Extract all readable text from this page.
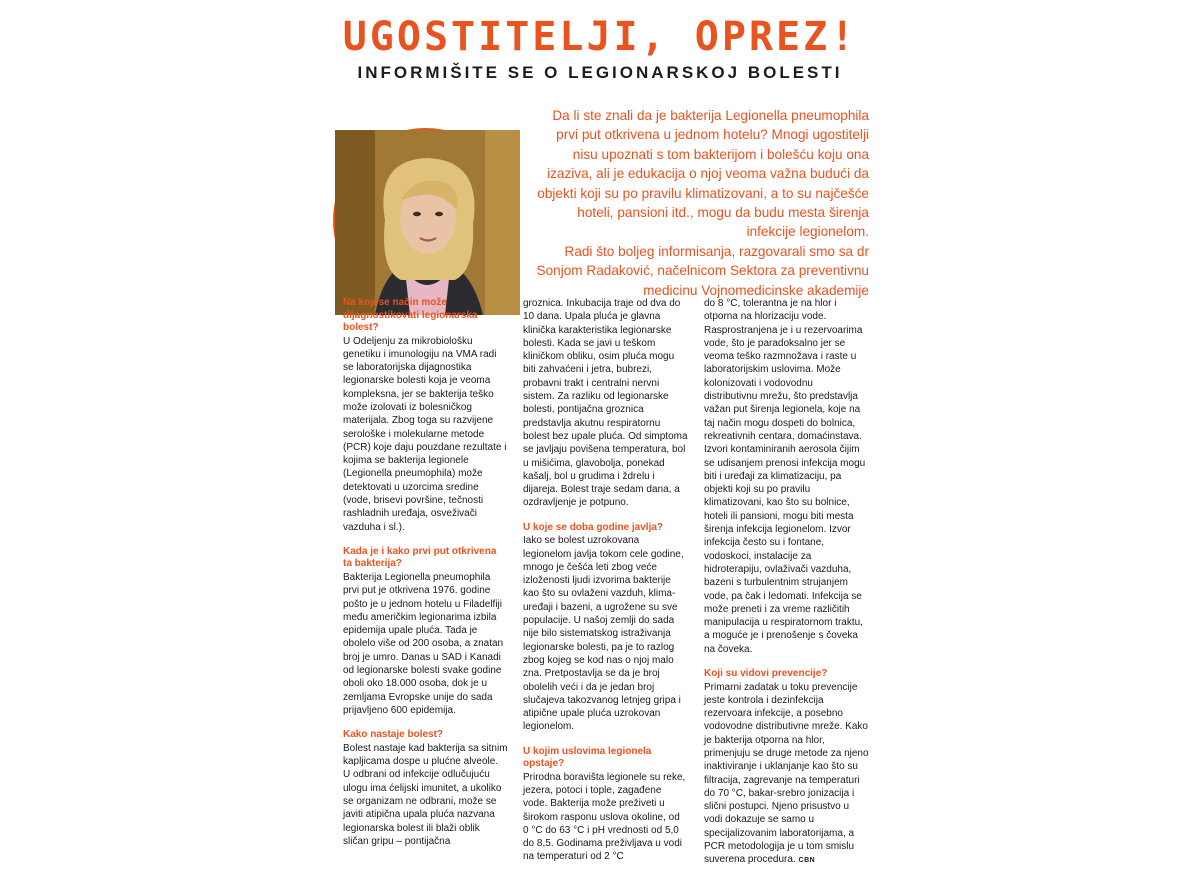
UGOSTITELJI, OPREZ!
INFORMIŠITE SE O LEGIONARSKOJ BOLESTI

Da li ste znali da je bakterija Legionella pneumophila prvi put otkrivena u jednom hotelu? Mnogi ugostitelji nisu upoznati s tom bakterijom i bolešću koju ona izaziva, ali je edukacija o njoj veoma važna budući da objekti koji su po pravilu klimatizovani, a to su najčešće hoteli, pansioni itd., mogu da budu mesta širenja infekcije legionelom.

Radi što boljeg informisanja, razgovarali smo sa dr Sonjom Radaković, načelnicom Sektora za preventivnu medicinu Vojnomedicinske akademije

Na koji se način može dijagnostikovati legionarska bolest?

U Odeljenju za mikrobiološku genetiku i imunologiju na VMA radi se laboratorijska dijagnostika legionarske bolesti koja je veoma kompleksna, jer se bakterija teško može izolovati iz bolesničkog materijala. Zbog toga su razvijene serološke i molekularne metode (PCR) koje daju pouzdane rezultate i kojima se bakterija legionele (Legionella pneumophila) može detektovati u uzorcima sredine (vode, brisevi površine, tečnosti rashladnih uređaja, osveživači vazduha i sl.).

Kada je i kako prvi put otkrivena ta bakterija?

Bakterija Legionella pneumophila prvi put je otkrivena 1976. godine pošto je u jednom hotelu u Filadelfiji među američkim legionarima izbila epidemija upale pluća. Tada je obolelo više od 200 osoba, a znatan broj je umro. Danas u SAD i Kanadi od legionarske bolesti svake godine oboli oko 18.000 osoba, dok je u zemljama Evropske unije do sada prijavljeno 600 epidemija.

Kako nastaje bolest?

Bolest nastaje kad bakterija sa sitnim kapljicama dospe u plućne alveole. U odbrani od infekcije odlučujuću ulogu ima ćelijski imunitet, a ukoliko se organizam ne odbrani, može se javiti atipična upala pluća nazvana legionarska bolest ili blaži oblik sličan gripu – pontijačna

groznica. Inkubacija traje od dva do 10 dana. Upala pluća je glavna klinička karakteristika legionarske bolesti. Kada se javi u teškom kliničkom obliku, osim pluća mogu biti zahvaćeni i jetra, bubrezi, probavni trakt i centralni nervni sistem. Za razliku od legionarske bolesti, pontijačna groznica predstavlja akutnu respiratornu bolest bez upale pluća. Od simptoma se javljaju povišena temperatura, bol u mišićima, glavobolja, ponekad kašalj, bol u grudima i ždrelu i dijareja. Bolest traje sedam dana, a ozdravljenje je potpuno.

U koje se doba godine javlja?

Iako se bolest uzrokovana legionelom javlja tokom cele godine, mnogo je češća leti zbog veće izloženosti ljudi izvorima bakterije kao što su ovlaženi vazduh, klima-uređaji i bazeni, a ugrožene su sve populacije. U našoj zemlji do sada nije bilo sistematskog istraživanja legionarske bolesti, pa je to razlog zbog kojeg se kod nas o njoj malo zna. Pretpostavlja se da je broj obolelih veći i da je jedan broj slučajeva takozvanog letnjeg gripa i atipične upale pluća uzrokovan legionelom.

U kojim uslovima legionela opstaje?

Prirodna boravišta legionele su reke, jezera, potoci i tople, zagađene vode. Bakterija može preživeti u širokom rasponu uslova okoline, od 0 °C do 63 °C i pH vrednosti od 5,0 do 8,5. Godinama preživljava u vodi na temperaturi od 2 °C

do 8 °C, tolerantna je na hlor i otporna na hlorizaciju vode. Rasprostranjena je i u rezervoarima vode, što je paradoksalno jer se veoma teško razmnožava i raste u laboratorijskim uslovima. Može kolonizovati i vodovodnu distributivnu mrežu, što predstavlja važan put širenja legionela, koje na taj način mogu dospeti do bolnica, rekreativnih centara, domaćinstava. Izvori kontaminiranih aerosola čijim se udisanjem prenosi infekcija mogu biti i uređaji za klimatizaciju, pa objekti koji su po pravilu klimatizovani, kao što su bolnice, hoteli ili pansioni, mogu biti mesta širenja infekcija legionelom. Izvor infekcija često su i fontane, vodoskoci, instalacije za hidroterapiju, ovlaživači vazduha, bazeni s turbulentnim strujanjem vode, pa čak i ledomati. Infekcija se može preneti i za vreme različitih manipulacija u respiratornom traktu, a moguće je i prenošenje s čoveka na čoveka.

Koji su vidovi prevencije?

Primarni zadatak u toku prevencije jeste kontrola i dezinfekcija rezervoara infekcije, a posebno vodovodne distributivne mreže. Kako je bakterija otporna na hlor, primenjuju se druge metode za njeno inaktiviranje i uklanjanje kao što su filtracija, zagrevanje na temperaturi do 70 °C, bakar-srebro jonizacija i slični postupci. Njeno prisustvo u vodi dokazuje se samo u specijalizovanim laboratorijama, a PCR metodologija je u tom smislu suverena procedura. CBN
